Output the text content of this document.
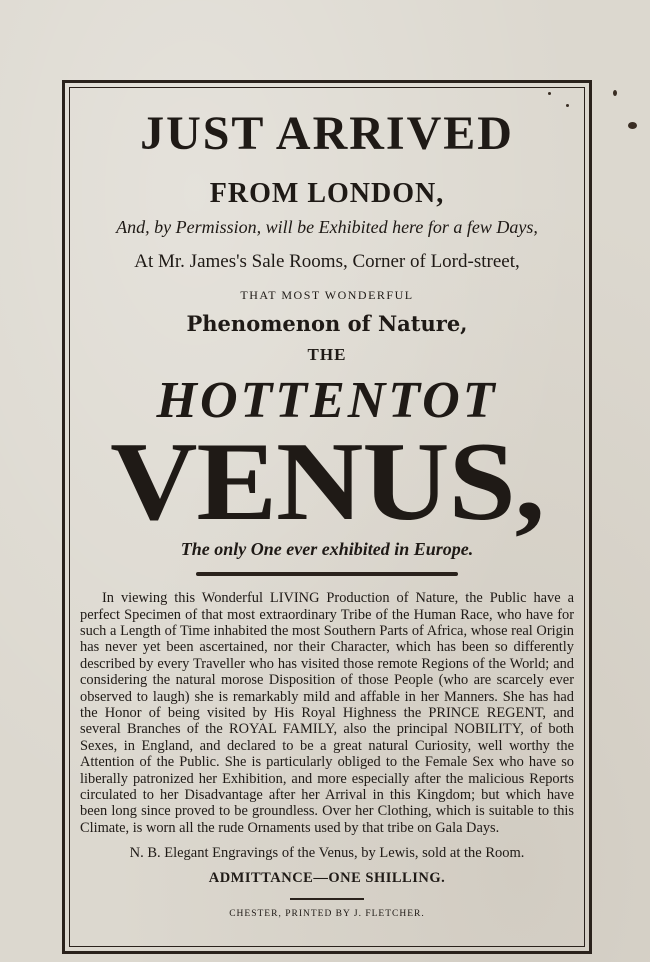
JUST ARRIVED
FROM LONDON,
And, by Permission, will be Exhibited here for a few Days,
At Mr. James's Sale Rooms, Corner of Lord-street,
THAT MOST WONDERFUL
Phenomenon of Nature,
THE
HOTTENTOT
VENUS,
The only One ever exhibited in Europe.

In viewing this Wonderful LIVING Production of Nature, the Public have a perfect Specimen of that most extraordinary Tribe of the Human Race, who have for such a Length of Time inhabited the most Southern Parts of Africa, whose real Origin has never yet been ascertained, nor their Character, which has been so differently described by every Traveller who has visited those remote Regions of the World; and considering the natural morose Disposition of those People (who are scarcely ever observed to laugh) she is remarkably mild and affable in her Manners. She has had the Honor of being visited by His Royal Highness the PRINCE REGENT, and several Branches of the ROYAL FAMILY, also the principal NOBILITY, of both Sexes, in England, and declared to be a great natural Curiosity, well worthy the Attention of the Public. She is particularly obliged to the Female Sex who have so liberally patronized her Exhibition, and more especially after the malicious Reports circulated to her Disadvantage after her Arrival in this Kingdom; but which have been long since proved to be groundless. Over her Clothing, which is suitable to this Climate, is worn all the rude Ornaments used by that tribe on Gala Days.

N. B. Elegant Engravings of the Venus, by Lewis, sold at the Room.
ADMITTANCE—ONE SHILLING.
CHESTER, PRINTED BY J. FLETCHER.
